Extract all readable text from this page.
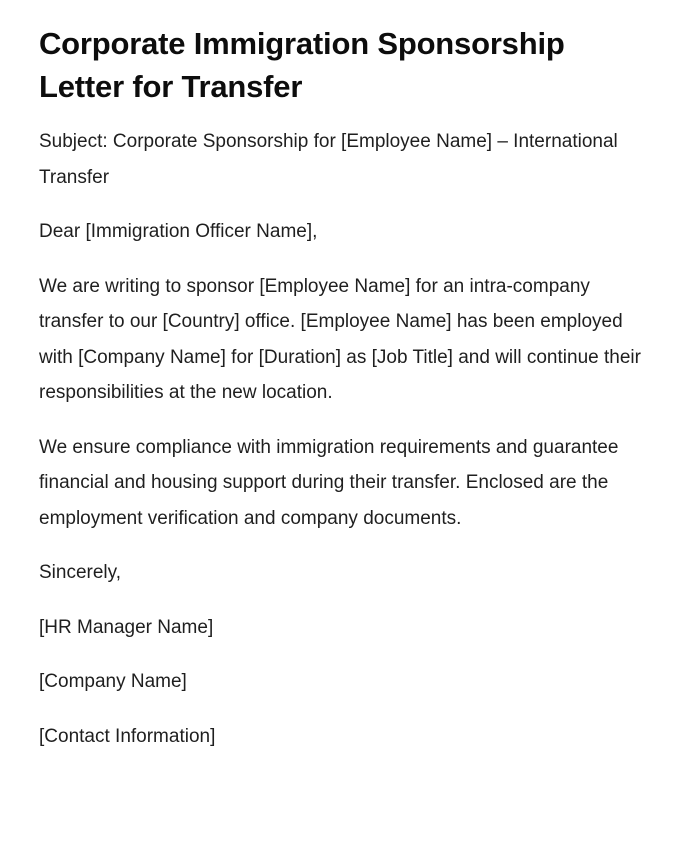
Corporate Immigration Sponsorship Letter for Transfer

Subject: Corporate Sponsorship for [Employee Name] – International Transfer

Dear [Immigration Officer Name],

We are writing to sponsor [Employee Name] for an intra-company transfer to our [Country] office. [Employee Name] has been employed with [Company Name] for [Duration] as [Job Title] and will continue their responsibilities at the new location.

We ensure compliance with immigration requirements and guarantee financial and housing support during their transfer. Enclosed are the employment verification and company documents.

Sincerely,

[HR Manager Name]

[Company Name]

[Contact Information]
